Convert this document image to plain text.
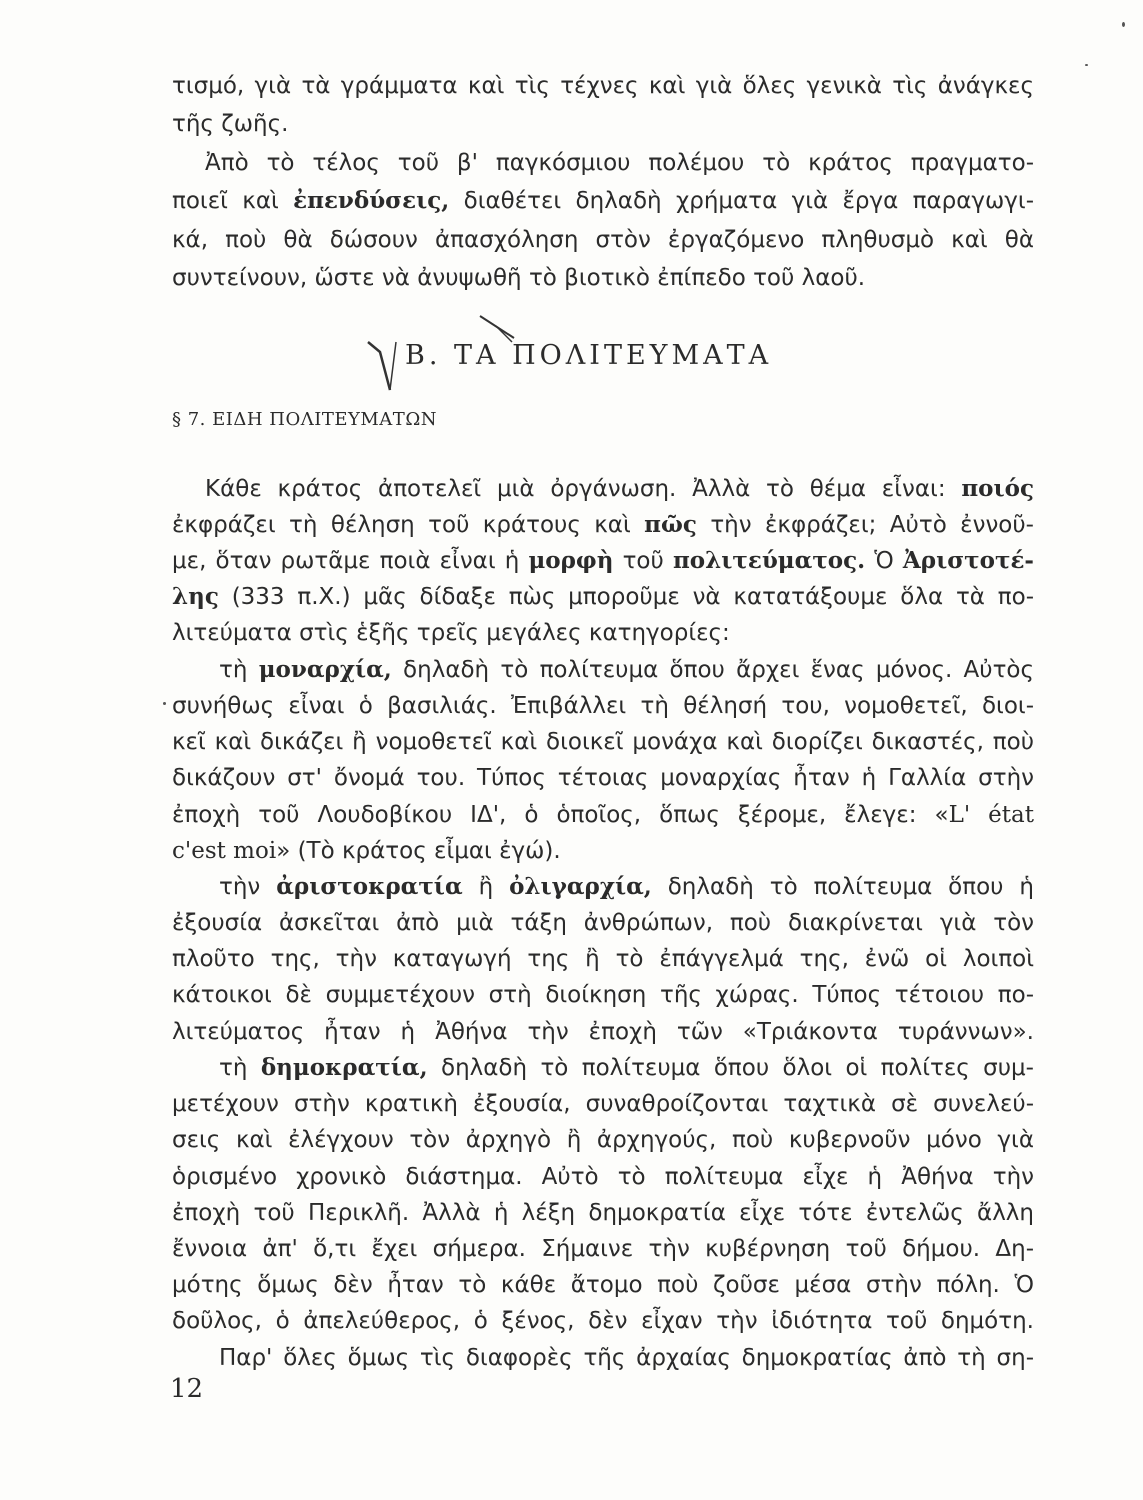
τισμό, γιὰ τὰ γράμματα καὶ τὶς τέχνες καὶ γιὰ ὅλες γενικὰ τὶς ἀνάγκες
τῆς ζωῆς.
Ἀπὸ τὸ τέλος τοῦ β' παγκόσμιου πολέμου τὸ κράτος πραγματο-
ποιεῖ καὶ ἐπενδύσεις, διαθέτει δηλαδὴ χρήματα γιὰ ἔργα παραγωγι-
κά, ποὺ θὰ δώσουν ἀπασχόληση στὸν ἐργαζόμενο πληθυσμὸ καὶ θὰ
συντείνουν, ὥστε νὰ ἀνυψωθῆ τὸ βιοτικὸ ἐπίπεδο τοῦ λαοῦ.
Β. ΤΑ ΠΟΛΙΤΕΥΜΑΤΑ
§ 7. ΕΙΔΗ ΠΟΛΙΤΕΥΜΑΤΩΝ
Κάθε κράτος ἀποτελεῖ μιὰ ὀργάνωση. Ἀλλὰ τὸ θέμα εἶναι: ποιός
ἐκφράζει τὴ θέληση τοῦ κράτους καὶ πῶς τὴν ἐκφράζει; Αὐτὸ ἐννοῦ-
με, ὅταν ρωτᾶμε ποιὰ εἶναι ἡ μορφὴ τοῦ πολιτεύματος. Ὁ Ἀριστοτέ-
λης (333 π.Χ.) μᾶς δίδαξε πὼς μποροῦμε νὰ κατατάξουμε ὅλα τὰ πο-
λιτεύματα στὶς ἑξῆς τρεῖς μεγάλες κατηγορίες:
τὴ μοναρχία, δηλαδὴ τὸ πολίτευμα ὅπου ἄρχει ἕνας μόνος. Αὐτὸς
συνήθως εἶναι ὁ βασιλιάς. Ἐπιβάλλει τὴ θέλησή του, νομοθετεῖ, διοι-
κεῖ καὶ δικάζει ἢ νομοθετεῖ καὶ διοικεῖ μονάχα καὶ διορίζει δικαστές, ποὺ
δικάζουν στ' ὄνομά του. Τύπος τέτοιας μοναρχίας ἦταν ἡ Γαλλία στὴν
ἐποχὴ τοῦ Λουδοβίκου ΙΔ', ὁ ὁποῖος, ὅπως ξέρομε, ἔλεγε: «L' état
c'est moi» (Τὸ κράτος εἶμαι ἐγώ).
τὴν ἀριστοκρατία ἢ ὀλιγαρχία, δηλαδὴ τὸ πολίτευμα ὅπου ἡ
ἐξουσία ἀσκεῖται ἀπὸ μιὰ τάξη ἀνθρώπων, ποὺ διακρίνεται γιὰ τὸν
πλοῦτο της, τὴν καταγωγή της ἢ τὸ ἐπάγγελμά της, ἐνῶ οἱ λοιποὶ
κάτοικοι δὲ συμμετέχουν στὴ διοίκηση τῆς χώρας. Τύπος τέτοιου πο-
λιτεύματος ἦταν ἡ Ἀθήνα τὴν ἐποχὴ τῶν «Τριάκοντα τυράννων».
τὴ δημοκρατία, δηλαδὴ τὸ πολίτευμα ὅπου ὅλοι οἱ πολίτες συμ-
μετέχουν στὴν κρατικὴ ἐξουσία, συναθροίζονται ταχτικὰ σὲ συνελεύ-
σεις καὶ ἐλέγχουν τὸν ἀρχηγὸ ἢ ἀρχηγούς, ποὺ κυβερνοῦν μόνο γιὰ
ὁρισμένο χρονικὸ διάστημα. Αὐτὸ τὸ πολίτευμα εἶχε ἡ Ἀθήνα τὴν
ἐποχὴ τοῦ Περικλῆ. Ἀλλὰ ἡ λέξη δημοκρατία εἶχε τότε ἐντελῶς ἄλλη
ἔννοια ἀπ' ὅ,τι ἔχει σήμερα. Σήμαινε τὴν κυβέρνηση τοῦ δήμου. Δη-
μότης ὅμως δὲν ἦταν τὸ κάθε ἄτομο ποὺ ζοῦσε μέσα στὴν πόλη. Ὁ
δοῦλος, ὁ ἀπελεύθερος, ὁ ξένος, δὲν εἶχαν τὴν ἰδιότητα τοῦ δημότη.
Παρ' ὅλες ὅμως τὶς διαφορὲς τῆς ἀρχαίας δημοκρατίας ἀπὸ τὴ ση-
12
